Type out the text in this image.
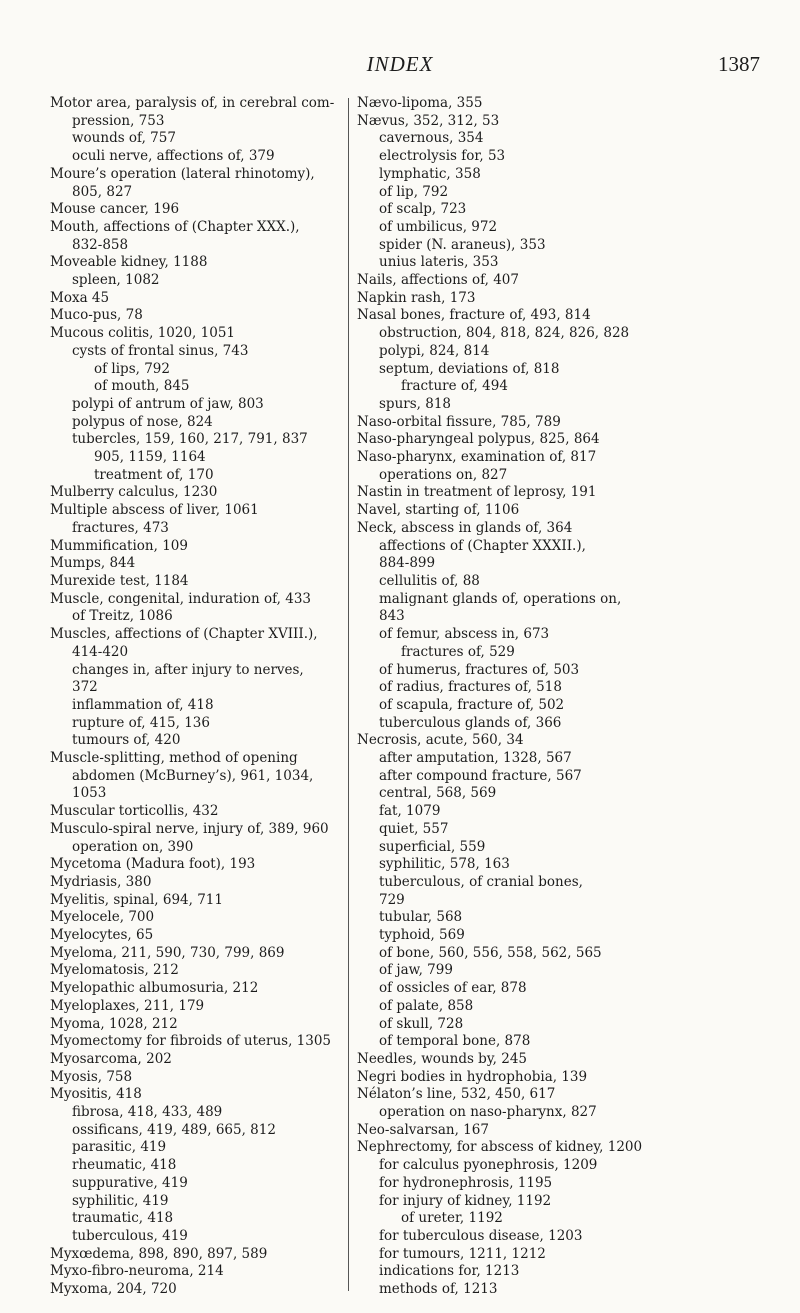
INDEX	1387
Motor area, paralysis of, in cerebral com-
pression, 753
wounds of, 757
oculi nerve, affections of, 379
Moure’s operation (lateral rhinotomy),
805, 827
Mouse cancer, 196
Mouth, affections of (Chapter XXX.),
832-858
Moveable kidney, 1188
spleen, 1082
Moxa 45
Muco-pus, 78
Mucous colitis, 1020, 1051
cysts of frontal sinus, 743
of lips, 792
of mouth, 845
polypi of antrum of jaw, 803
polypus of nose, 824
tubercles, 159, 160, 217, 791, 837
905, 1159, 1164
treatment of, 170
Mulberry calculus, 1230
Multiple abscess of liver, 1061
fractures, 473
Mummification, 109
Mumps, 844
Murexide test, 1184
Muscle, congenital, induration of, 433
of Treitz, 1086
Muscles, affections of (Chapter XVIII.),
414-420
changes in, after injury to nerves,
372
inflammation of, 418
rupture of, 415, 136
tumours of, 420
Muscle-splitting, method of opening
abdomen (McBurney’s), 961, 1034,
1053
Muscular torticollis, 432
Musculo-spiral nerve, injury of, 389, 960
operation on, 390
Mycetoma (Madura foot), 193
Mydriasis, 380
Myelitis, spinal, 694, 711
Myelocele, 700
Myelocytes, 65
Myeloma, 211, 590, 730, 799, 869
Myelomatosis, 212
Myelopathic albumosuria, 212
Myeloplaxes, 211, 179
Myoma, 1028, 212
Myomectomy for fibroids of uterus, 1305
Myosarcoma, 202
Myosis, 758
Myositis, 418
fibrosa, 418, 433, 489
ossificans, 419, 489, 665, 812
parasitic, 419
rheumatic, 418
suppurative, 419
syphilitic, 419
traumatic, 418
tuberculous, 419
Myxœdema, 898, 890, 897, 589
Myxo-fibro-neuroma, 214
Myxoma, 204, 720
Nævo-lipoma, 355
Nævus, 352, 312, 53
cavernous, 354
electrolysis for, 53
lymphatic, 358
of lip, 792
of scalp, 723
of umbilicus, 972
spider (N. araneus), 353
unius lateris, 353
Nails, affections of, 407
Napkin rash, 173
Nasal bones, fracture of, 493, 814
obstruction, 804, 818, 824, 826, 828
polypi, 824, 814
septum, deviations of, 818
fracture of, 494
spurs, 818
Naso-orbital fissure, 785, 789
Naso-pharyngeal polypus, 825, 864
Naso-pharynx, examination of, 817
operations on, 827
Nastin in treatment of leprosy, 191
Navel, starting of, 1106
Neck, abscess in glands of, 364
affections of (Chapter XXXII.),
884-899
cellulitis of, 88
malignant glands of, operations on,
843
of femur, abscess in, 673
fractures of, 529
of humerus, fractures of, 503
of radius, fractures of, 518
of scapula, fracture of, 502
tuberculous glands of, 366
Necrosis, acute, 560, 34
after amputation, 1328, 567
after compound fracture, 567
central, 568, 569
fat, 1079
quiet, 557
superficial, 559
syphilitic, 578, 163
tuberculous, of cranial bones,
729
tubular, 568
typhoid, 569
of bone, 560, 556, 558, 562, 565
of jaw, 799
of ossicles of ear, 878
of palate, 858
of skull, 728
of temporal bone, 878
Needles, wounds by, 245
Negri bodies in hydrophobia, 139
Nélaton’s line, 532, 450, 617
operation on naso-pharynx, 827
Neo-salvarsan, 167
Nephrectomy, for abscess of kidney, 1200
for calculus pyonephrosis, 1209
for hydronephrosis, 1195
for injury of kidney, 1192
of ureter, 1192
for tuberculous disease, 1203
for tumours, 1211, 1212
indications for, 1213
methods of, 1213
